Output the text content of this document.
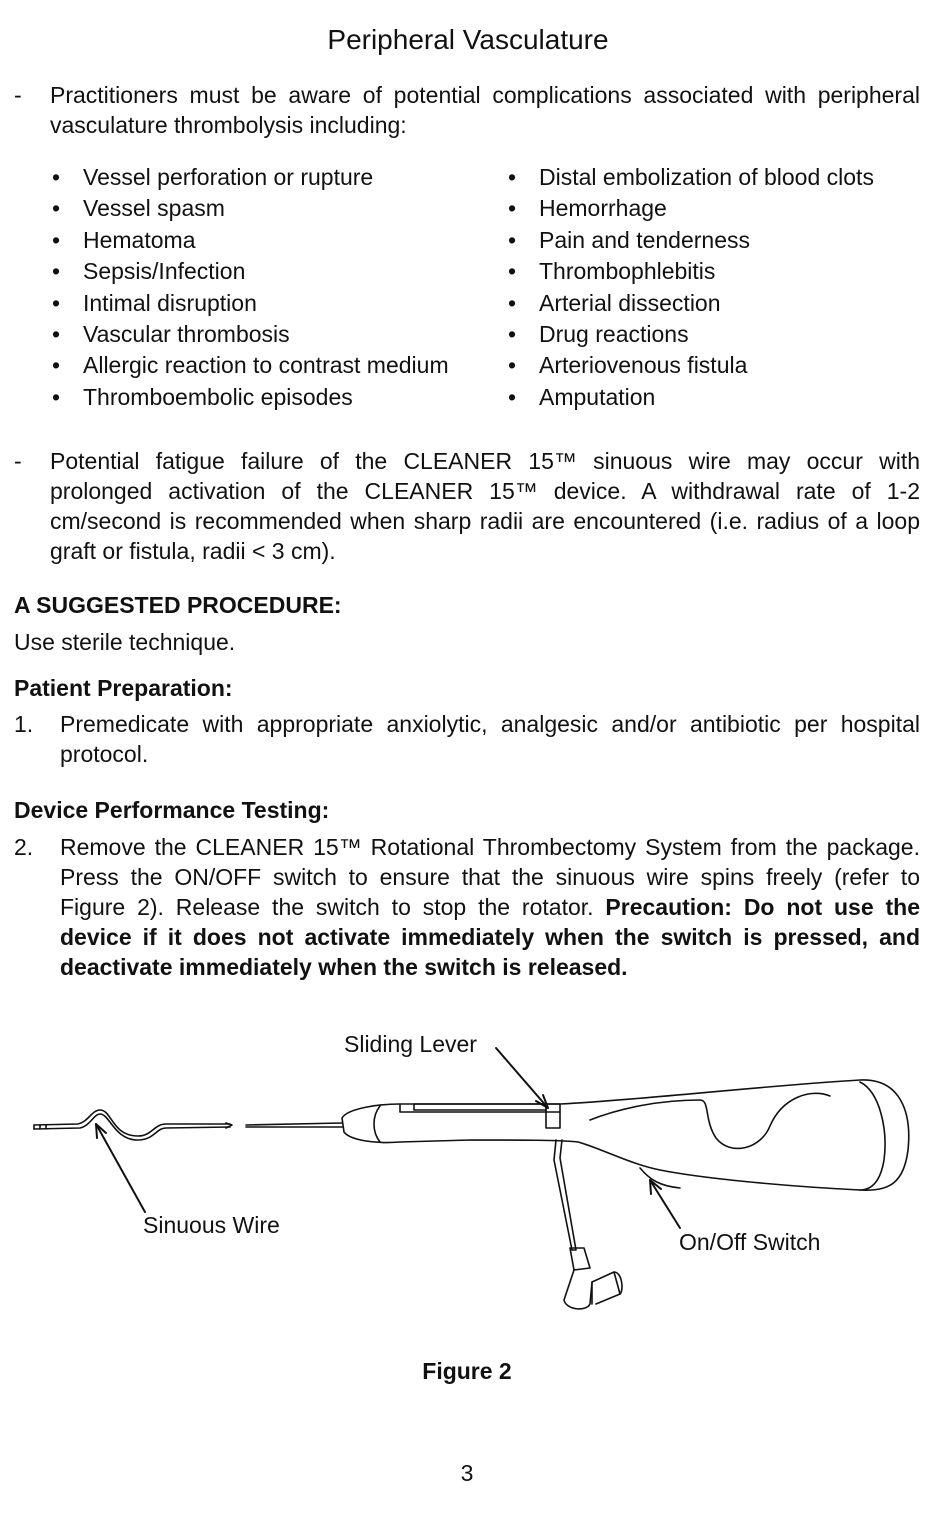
Peripheral Vasculature
- Practitioners must be aware of potential complications associated with peripheral vasculature thrombolysis including:
• Vessel perforation or rupture
• Vessel spasm
• Hematoma
• Sepsis/Infection
• Intimal disruption
• Vascular thrombosis
• Allergic reaction to contrast medium
• Thromboembolic episodes
• Distal embolization of blood clots
• Hemorrhage
• Pain and tenderness
• Thrombophlebitis
• Arterial dissection
• Drug reactions
• Arteriovenous fistula
• Amputation
- Potential fatigue failure of the CLEANER 15™ sinuous wire may occur with prolonged activation of the CLEANER 15™ device. A withdrawal rate of 1-2 cm/second is recommended when sharp radii are encountered (i.e. radius of a loop graft or fistula, radii < 3 cm).
A SUGGESTED PROCEDURE:
Use sterile technique.
Patient Preparation:
1. Premedicate with appropriate anxiolytic, analgesic and/or antibiotic per hospital protocol.
Device Performance Testing:
2. Remove the CLEANER 15™ Rotational Thrombectomy System from the package. Press the ON/OFF switch to ensure that the sinuous wire spins freely (refer to Figure 2). Release the switch to stop the rotator. Precaution: Do not use the device if it does not activate immediately when the switch is pressed, and deactivate immediately when the switch is released.
Sliding Lever
Sinuous Wire
On/Off Switch
Figure 2
3
